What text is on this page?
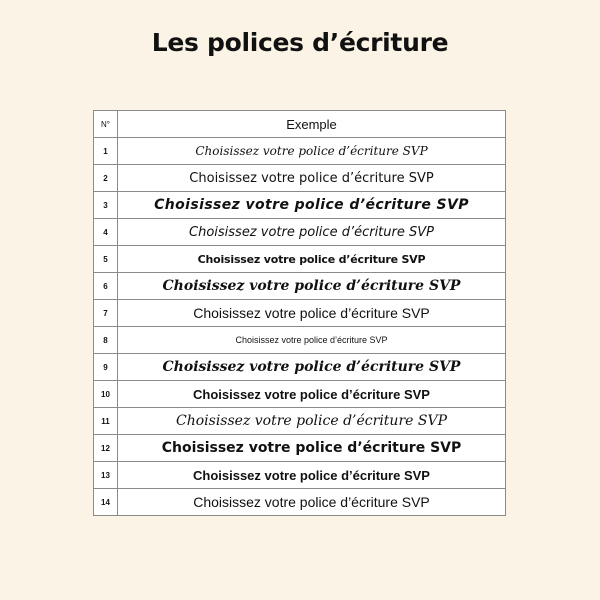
Les polices d’écriture
N°	Exemple
1	Choisissez votre police d’écriture SVP
2	Choisissez votre police d’écriture SVP
3	Choisissez votre police d’écriture SVP
4	Choisissez votre police d’écriture SVP
5	Choisissez votre police d’écriture SVP
6	Choisissez votre police d’écriture SVP
7	Choisissez votre police d’écriture SVP
8	Choisissez votre police d’écriture SVP
9	Choisissez votre police d’écriture SVP
10	Choisissez votre police d’écriture SVP
11	Choisissez votre police d’écriture SVP
12	Choisissez votre police d’écriture SVP
13	Choisissez votre police d’écriture SVP
14	Choisissez votre police d’écriture SVP
